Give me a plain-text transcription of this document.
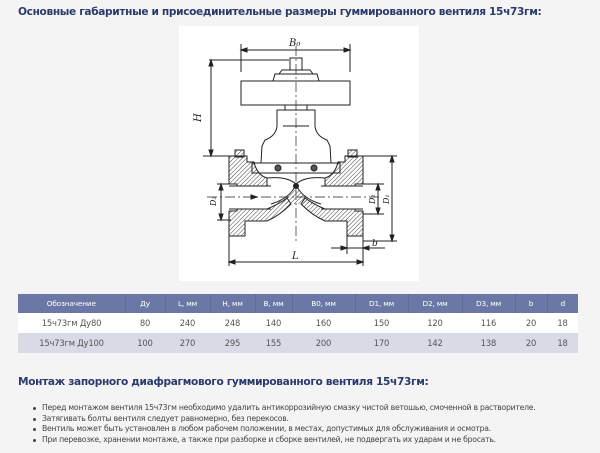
Основные габаритные и присоединительные размеры гуммированного вентиля 15ч73гм:
B₀
H
D₃	D₂ D₁
b
L
Обозначение	Ду	L, мм	H, мм	B, мм	B0, мм	D1, мм	D2, мм	D3, мм	b	d
15ч73гм Ду80	80	240	248	140	160	150	120	116	20	18
15ч73гм Ду100	100	270	295	155	200	170	142	138	20	18
Монтаж запорного диафрагмового гуммированного вентиля 15ч73гм:
Перед монтажом вентиля 15ч73гм необходимо удалить антикоррозийную смазку чистой ветошью, смоченной в растворителе.
Затягивать болты вентиля следует равномерно, без перекосов.
Вентиль может быть установлен в любом рабочем положении, в местах, допустимых для обслуживания и осмотра.
При перевозке, хранении монтаже, а также при разборке и сборке вентилей, не подвергать их ударам и не бросать.
